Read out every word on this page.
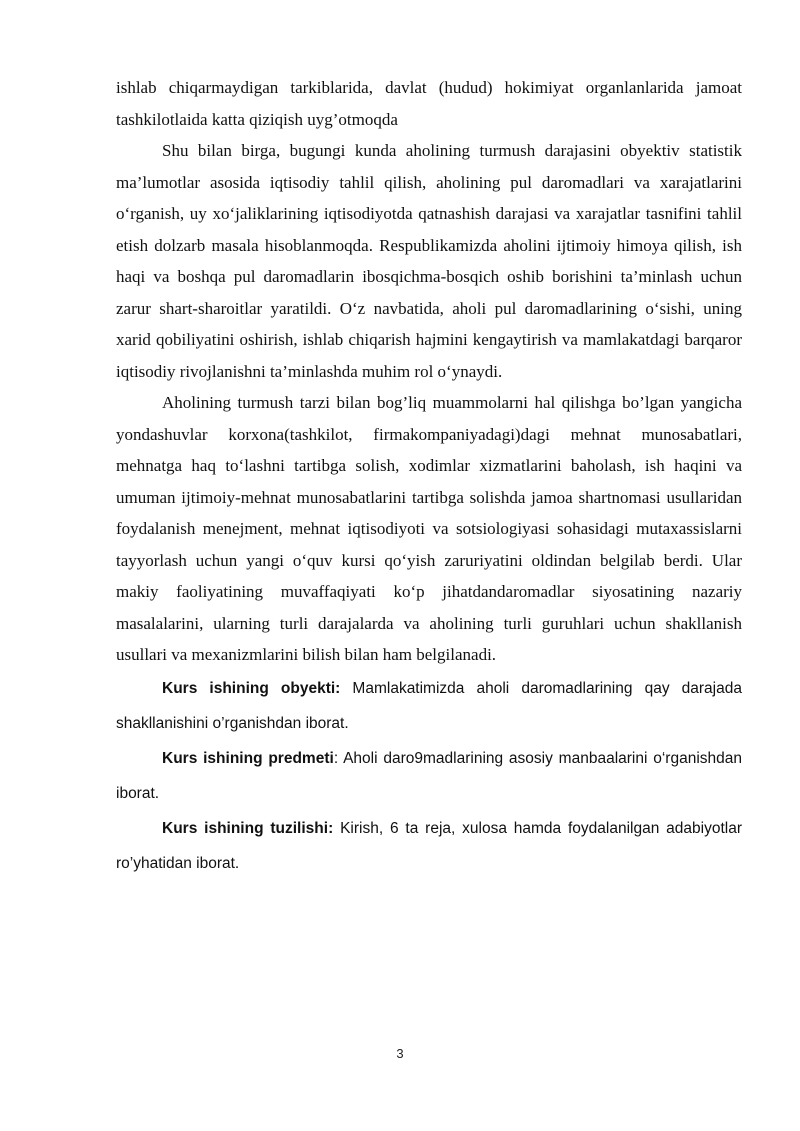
ishlab chiqarmaydigan tarkiblarida, davlat (hudud) hokimiyat organlanlarida jamoat tashkilotlaida katta qiziqish uyg’otmoqda

Shu bilan birga, bugungi kunda aholining turmush darajasini obyektiv statistik ma’lumotlar asosida iqtisodiy tahlil qilish, aholining pul daromadlari va xarajatlarini o‘rganish, uy xo‘jaliklarining iqtisodiyotda qatnashish darajasi va xarajatlar tasnifini tahlil etish dolzarb masala hisoblanmoqda. Respublikamizda aholini ijtimoiy himoya qilish, ish haqi va boshqa pul daromadlarin ibosqichma-bosqich oshib borishini ta’minlash uchun zarur shart-sharoitlar yaratildi. O‘z navbatida, aholi pul daromadlarining o‘sishi, uning xarid qobiliyatini oshirish, ishlab chiqarish hajmini kengaytirish va mamlakatdagi barqaror iqtisodiy rivojlanishni ta’minlashda muhim rol o‘ynaydi.

Aholining turmush tarzi bilan bog’liq muammolarni hal qilishga bo’lgan yangicha yondashuvlar korxona(tashkilot, firmakompaniyadagi)dagi mehnat munosabatlari, mehnatga haq to‘lashni tartibga solish, xodimlar xizmatlarini baholash, ish haqini va umuman ijtimoiy-mehnat munosabatlarini tartibga solishda jamoa shartnomasi usullaridan foydalanish menejment, mehnat iqtisodiyoti va sotsiologiyasi sohasidagi mutaxassislarni tayyorlash uchun yangi o‘quv kursi qo‘yish zaruriyatini oldindan belgilab berdi. Ular makiy faoliyatining muvaffaqiyati ko‘p jihatdandaromadlar siyosatining nazariy masalalarini, ularning turli darajalarda va aholining turli guruhlari uchun shakllanish usullari va mexanizmlarini bilish bilan ham belgilanadi.

Kurs ishining obyekti: Mamlakatimizda aholi daromadlarining qay darajada shakllanishini o’rganishdan iborat.

Kurs ishining predmeti: Aholi daro9madlarining asosiy manbaalarini o‘rganishdan iborat.

Kurs ishining tuzilishi: Kirish, 6 ta reja, xulosa hamda foydalanilgan adabiyotlar ro’yhatidan iborat.

3
